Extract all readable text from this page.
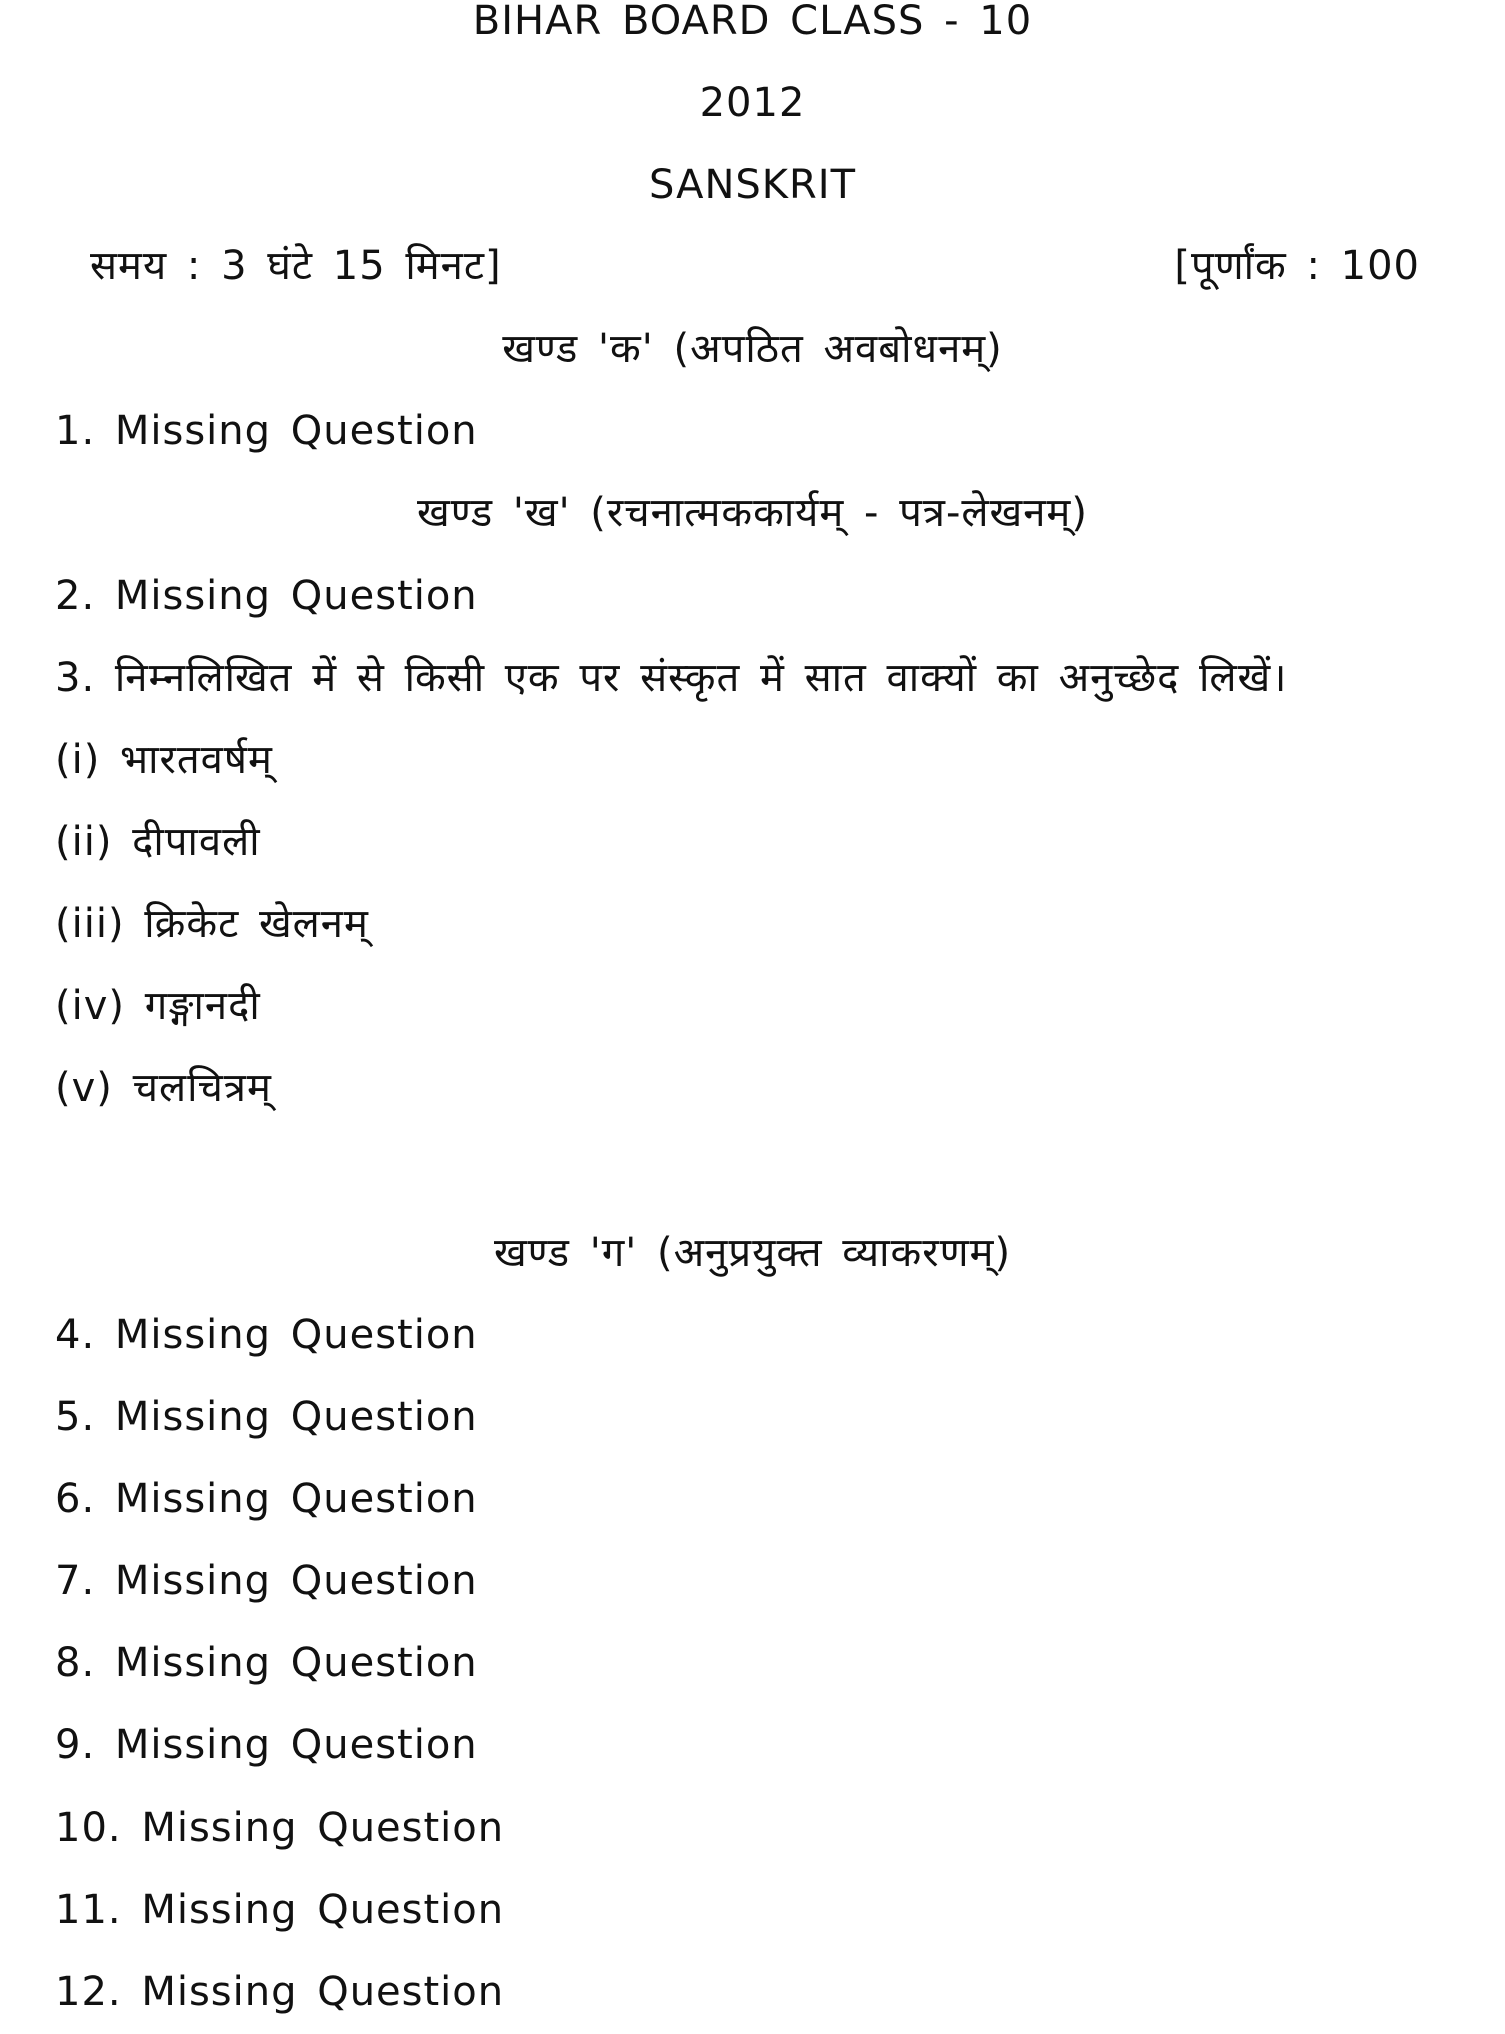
BIHAR BOARD CLASS - 10
2012
SANSKRIT
समय : 3 घंटे 15 मिनट]	[पूर्णांक : 100
खण्ड 'क' (अपठित अवबोधनम्)
1. Missing Question
खण्ड 'ख' (रचनात्मककार्यम् - पत्र-लेखनम्)
2. Missing Question
3. निम्नलिखित में से किसी एक पर संस्कृत में सात वाक्यों का अनुच्छेद लिखें।
(i) भारतवर्षम्
(ii) दीपावली
(iii) क्रिकेट खेलनम्
(iv) गङ्गानदी
(v) चलचित्रम्
खण्ड 'ग' (अनुप्रयुक्त व्याकरणम्)
4. Missing Question
5. Missing Question
6. Missing Question
7. Missing Question
8. Missing Question
9. Missing Question
10. Missing Question
11. Missing Question
12. Missing Question
